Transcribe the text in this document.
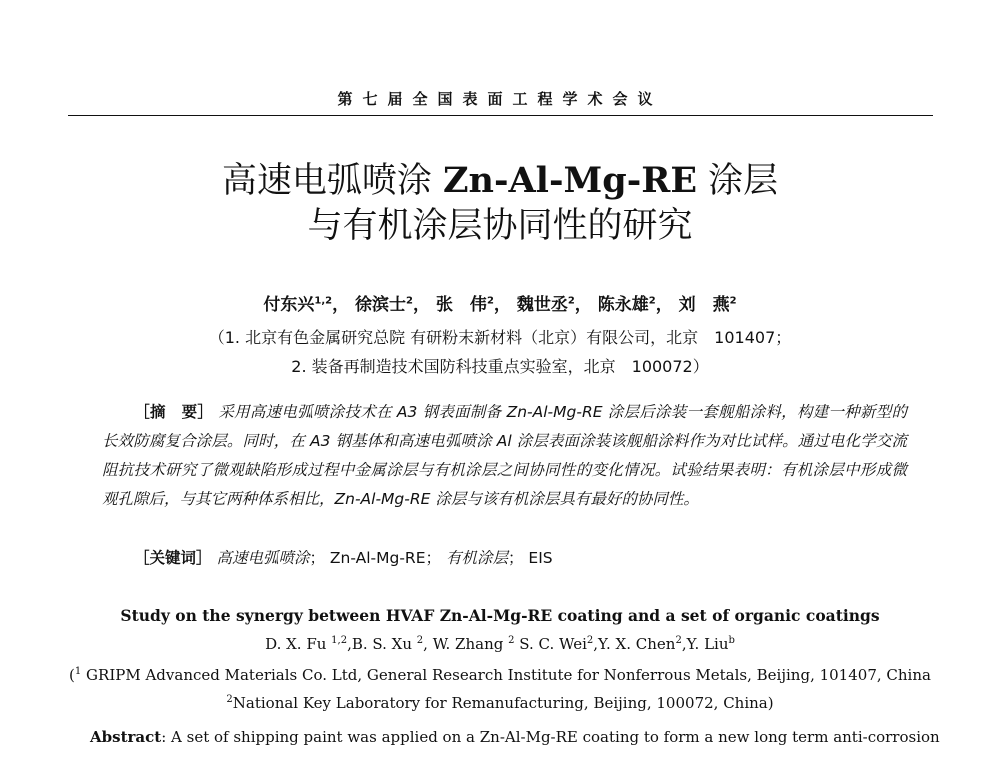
第七届全国表面工程学术会议
高速电弧喷涂 Zn-Al-Mg-RE 涂层
与有机涂层协同性的研究
付东兴$^{1,2}$， 徐滨士$^2$， 张　伟$^2$， 魏世丞$^2$， 陈永雄$^2$， 刘　燕$^2$
（1. 北京有色金属研究总院 有研粉末新材料（北京）有限公司，北京　101407；
2. 装备再制造技术国防科技重点实验室，北京　100072）
［摘　要］ 采用高速电弧喷涂技术在 A3 钢表面制备 Zn-Al-Mg-RE 涂层后涂装一套舰船涂料，构建一种新型的长效防腐复合涂层。同时，在 A3 钢基体和高速电弧喷涂 Al 涂层表面涂装该舰船涂料作为对比试样。通过电化学交流阻抗技术研究了微观缺陷形成过程中金属涂层与有机涂层之间协同性的变化情况。试验结果表明：有机涂层中形成微观孔隙后，与其它两种体系相比，Zn-Al-Mg-RE 涂层与该有机涂层具有最好的协同性。
［关键词］ 高速电弧喷涂； Zn-Al-Mg-RE； 有机涂层； EIS
Study on the synergy between HVAF Zn-Al-Mg-RE coating and a set of organic coatings
D. X. Fu $^{1,2}$,B. S. Xu $^2$, W. Zhang $^2$ S. C. Wei$^2$,Y. X. Chen$^2$,Y. Liu$^b$
($^1$ GRIPM Advanced Materials Co. Ltd, General Research Institute for Nonferrous Metals, Beijing, 101407, China
$^2$National Key Laboratory for Remanufacturing, Beijing, 100072, China)
Abstract: A set of shipping paint was applied on a Zn-Al-Mg-RE coating to form a new long term anti-corrosion
